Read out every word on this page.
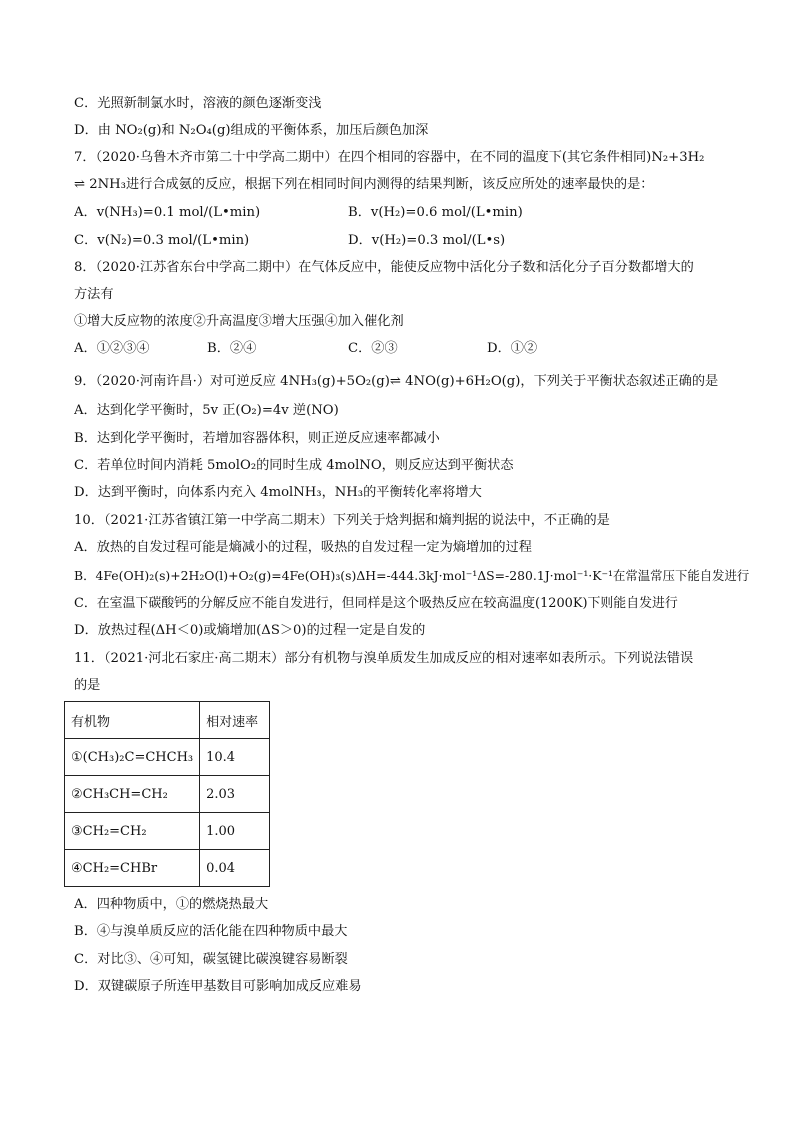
C．光照新制氯水时，溶液的颜色逐渐变浅
D．由 NO₂(g)和 N₂O₄(g)组成的平衡体系，加压后颜色加深
7．（2020·乌鲁木齐市第二十中学高二期中）在四个相同的容器中，在不同的温度下(其它条件相同)N₂+3H₂
⇌ 2NH₃进行合成氨的反应，根据下列在相同时间内测得的结果判断，该反应所处的速率最快的是：
A．v(NH₃)=0.1 mol/(L•min)	B．v(H₂)=0.6 mol/(L•min)
C．v(N₂)=0.3 mol/(L•min)	D．v(H₂)=0.3 mol/(L•s)
8．（2020·江苏省东台中学高二期中）在气体反应中，能使反应物中活化分子数和活化分子百分数都增大的
方法有
①增大反应物的浓度②升高温度③增大压强④加入催化剂
A．①②③④	B．②④	C．②③	D．①②
9．（2020·河南许昌·）对可逆反应 4NH₃(g)+5O₂(g)⇌ 4NO(g)+6H₂O(g)，下列关于平衡状态叙述正确的是
A．达到化学平衡时，5v 正(O₂)=4v 逆(NO)
B．达到化学平衡时，若增加容器体积，则正逆反应速率都减小
C．若单位时间内消耗 5molO₂的同时生成 4molNO，则反应达到平衡状态
D．达到平衡时，向体系内充入 4molNH₃，NH₃的平衡转化率将增大
10．（2021·江苏省镇江第一中学高二期末）下列关于焓判据和熵判据的说法中，不正确的是
A．放热的自发过程可能是熵减小的过程，吸热的自发过程一定为熵增加的过程
B．4Fe(OH)₂(s)+2H₂O(l)+O₂(g)=4Fe(OH)₃(s)ΔH=-444.3kJ·mol⁻¹ΔS=-280.1J·mol⁻¹·K⁻¹在常温常压下能自发进行
C．在室温下碳酸钙的分解反应不能自发进行，但同样是这个吸热反应在较高温度(1200K)下则能自发进行
D．放热过程(ΔH＜0)或熵增加(ΔS＞0)的过程一定是自发的
11．（2021·河北石家庄·高二期末）部分有机物与溴单质发生加成反应的相对速率如表所示。下列说法错误
的是
有机物	相对速率
①(CH₃)₂C=CHCH₃	10.4
②CH₃CH=CH₂	2.03
③CH₂=CH₂	1.00
④CH₂=CHBr	0.04
A．四种物质中，①的燃烧热最大
B．④与溴单质反应的活化能在四种物质中最大
C．对比③、④可知，碳氢键比碳溴键容易断裂
D．双键碳原子所连甲基数目可影响加成反应难易
